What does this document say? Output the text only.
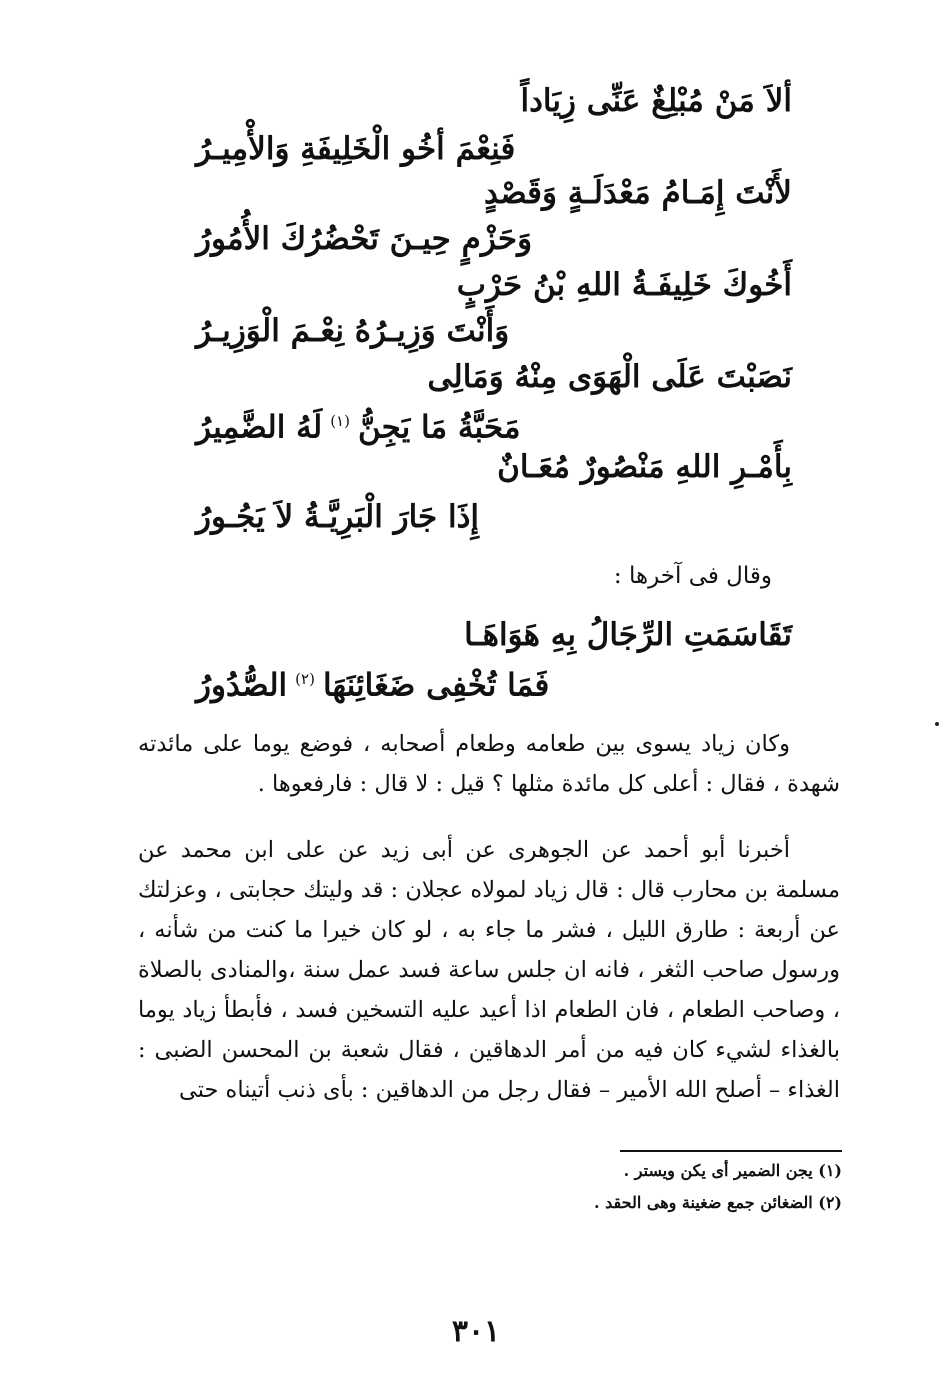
ألاَ مَنْ مُبْلِغٌ عَنِّى زِيَاداً
فَنِعْمَ أخُو الْخَلِيفَةِ وَالأْمِيـرُ
لأَنْتَ إِمَـامُ مَعْدَلَـةٍ وَقَصْدٍ
وَحَزْمٍ حِيـنَ تَحْضُرُكَ الأُمُورُ
أَخُوكَ خَلِيفَـةُ اللهِ بْنُ حَرْبٍ
وَأَنْتَ وَزِيـرُهُ نِعْـمَ الْوَزِيـرُ
نَصَبْتَ عَلَى الْهَوَى مِنْهُ وَمَالِى
مَحَبَّةُ مَا يَجِنُّ$^{(١)}$لَهُ الضَّمِيرُ
بِأَمْـرِ اللهِ مَنْصُورٌ مُعَـانٌ
إِذَا جَارَ الْبَرِيَّـةُ لاَ يَجُـورُ
وقال فى آخرها :
تَقَاسَمَتِ الرِّجَالُ بِهِ هَوَاهَـا
فَمَا تُخْفِى ضَغَائِنَهَا$^{(٢)}$الصُّدُورُ
وكان زياد يسوى بين طعامه وطعام أصحابه ، فوضع يوما على مائدته شهدة ، فقال : أعلى كل مائدة مثلها ؟ قيل : لا قال : فارفعوها .
أخبرنا أبو أحمد عن الجوهرى عن أبى زيد عن على ابن محمد عن مسلمة بن محارب قال : قال زياد لمولاه عجلان : قد وليتك حجابتى ، وعزلتك عن أربعة : طارق الليل ، فشر ما جاء به ، لو كان خيرا ما كنت من شأنه ، ورسول صاحب الثغر ، فانه ان جلس ساعة فسد عمل سنة ،والمنادى بالصلاة ، وصاحب الطعام ، فان الطعام اذا أعيد عليه التسخين فسد ، فأبطأ زياد يوما بالغذاء لشيء كان فيه من أمر الدهاقين ، فقال شعبة بن المحسن الضبى : الغذاء – أصلح الله الأمير – فقال رجل من الدهاقين : بأى ذنب أتيناه حتى
(١) يجن الضمير أى يكن ويستر .
(٢) الضغائن جمع ضغينة وهى الحقد .
٣٠١
